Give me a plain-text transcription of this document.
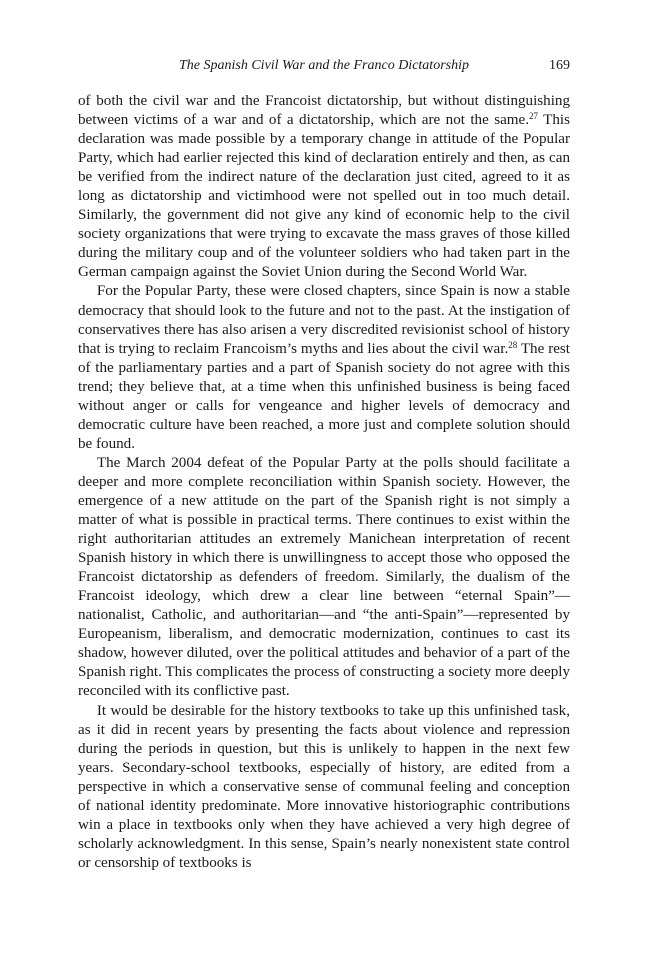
The Spanish Civil War and the Franco Dictatorship	169

of both the civil war and the Francoist dictatorship, but without distinguishing between victims of a war and of a dictatorship, which are not the same.$^{27}$ This declaration was made possible by a temporary change in attitude of the Popular Party, which had earlier rejected this kind of declaration entirely and then, as can be verified from the indirect nature of the declaration just cited, agreed to it as long as dictatorship and victimhood were not spelled out in too much detail. Similarly, the government did not give any kind of economic help to the civil society organizations that were trying to excavate the mass graves of those killed during the military coup and of the volunteer soldiers who had taken part in the German campaign against the Soviet Union during the Second World War.

For the Popular Party, these were closed chapters, since Spain is now a stable democracy that should look to the future and not to the past. At the instigation of conservatives there has also arisen a very discredited revisionist school of history that is trying to reclaim Francoism’s myths and lies about the civil war.$^{28}$ The rest of the parliamentary parties and a part of Spanish society do not agree with this trend; they believe that, at a time when this unfinished business is being faced without anger or calls for vengeance and higher levels of democracy and democratic culture have been reached, a more just and complete solution should be found.

The March 2004 defeat of the Popular Party at the polls should facilitate a deeper and more complete reconciliation within Spanish society. However, the emergence of a new attitude on the part of the Spanish right is not simply a matter of what is possible in practical terms. There continues to exist within the right authoritarian attitudes an extremely Manichean interpretation of recent Spanish history in which there is unwillingness to accept those who opposed the Francoist dictatorship as defenders of freedom. Similarly, the dualism of the Francoist ideology, which drew a clear line between “eternal Spain”—nationalist, Catholic, and authoritarian—and “the anti-Spain”—represented by Europeanism, liberalism, and democratic modernization, continues to cast its shadow, however diluted, over the political attitudes and behavior of a part of the Spanish right. This complicates the process of constructing a society more deeply reconciled with its conflictive past.

It would be desirable for the history textbooks to take up this unfinished task, as it did in recent years by presenting the facts about violence and repression during the periods in question, but this is unlikely to happen in the next few years. Secondary-school textbooks, especially of history, are edited from a perspective in which a conservative sense of communal feeling and conception of national identity predominate. More innovative historiographic contributions win a place in textbooks only when they have achieved a very high degree of scholarly acknowledgment. In this sense, Spain’s nearly nonexistent state control or censorship of textbooks is
